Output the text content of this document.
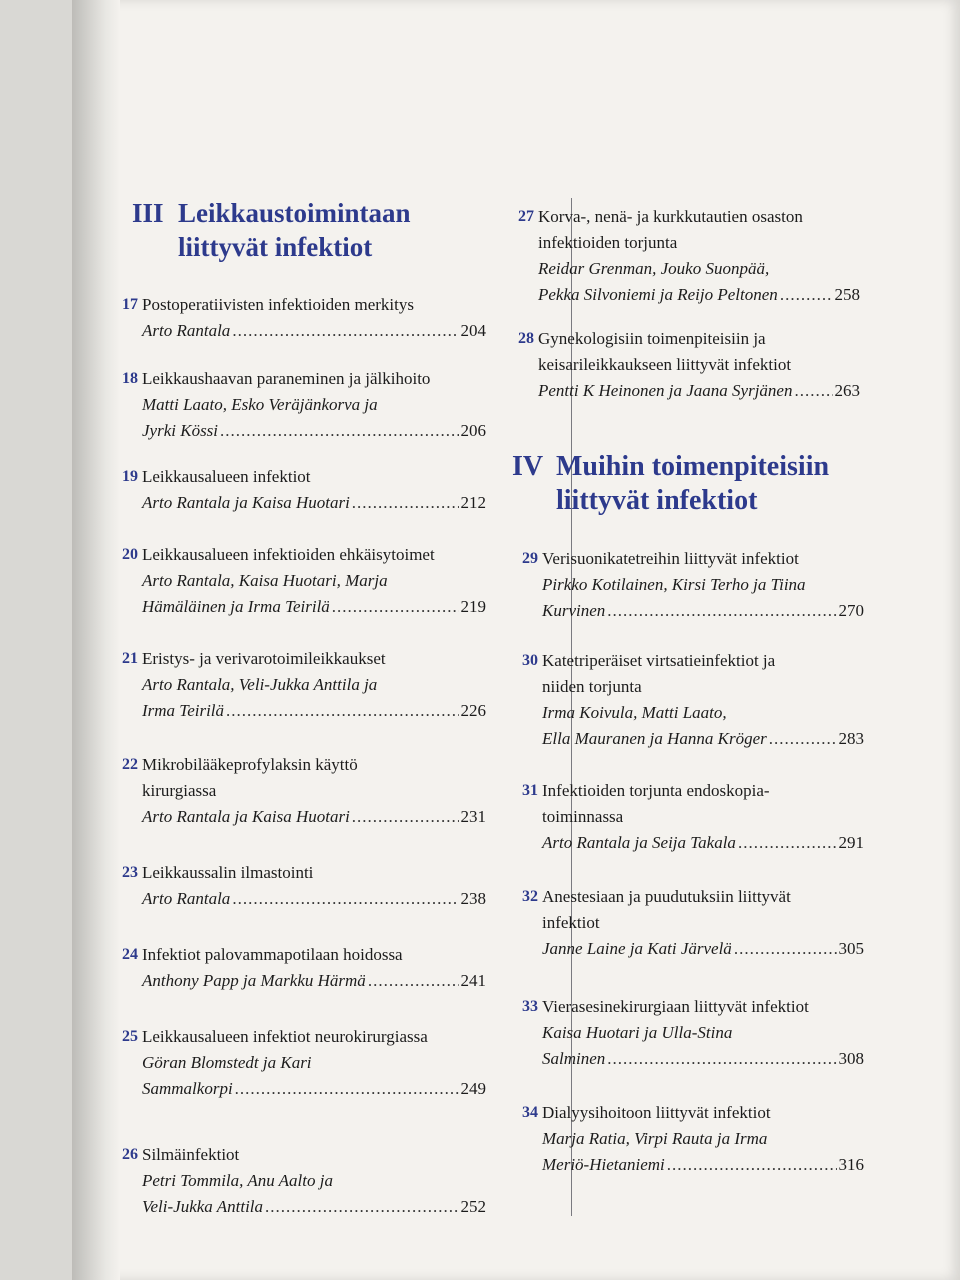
III Leikkaustoimintaan
liittyvät infektiot
IV Muihin toimenpiteisiin
liittyvät infektiot
17 Postoperatiivisten infektioiden merkitys
Arto Rantala .....	204
18 Leikkaushaavan paraneminen ja jälkihoito
Matti Laato, Esko Veräjänkorva ja
Jyrki Kössi .....	206
19 Leikkausalueen infektiot
Arto Rantala ja Kaisa Huotari .....	212
20 Leikkausalueen infektioiden ehkäisytoimet
Arto Rantala, Kaisa Huotari, Marja
Hämäläinen ja Irma Teirilä .....	219
21 Eristys- ja verivarotoimileikkaukset
Arto Rantala, Veli-Jukka Anttila ja
Irma Teirilä .....	226
22 Mikrobilääkeprofylaksin käyttö
kirurgiassa
Arto Rantala ja Kaisa Huotari .....	231
23 Leikkaussalin ilmastointi
Arto Rantala .....	238
24 Infektiot palovammapotilaan hoidossa
Anthony Papp ja Markku Härmä .....	241
25 Leikkausalueen infektiot neurokirurgiassa
Göran Blomstedt ja Kari
Sammalkorpi .....	249
26 Silmäinfektiot
Petri Tommila, Anu Aalto ja
Veli-Jukka Anttila .....	252
27 Korva-, nenä- ja kurkkutautien osaston
infektioiden torjunta
Reidar Grenman, Jouko Suonpää,
Pekka Silvoniemi ja Reijo Peltonen .....	258
28 Gynekologisiin toimenpiteisiin ja
keisarileikkaukseen liittyvät infektiot
Pentti K Heinonen ja Jaana Syrjänen ..... 263
29 Verisuonikatetreihin liittyvät infektiot
Pirkko Kotilainen, Kirsi Terho ja Tiina
Kurvinen .....	270
30 Katetriperäiset virtsatieinfektiot ja
niiden torjunta
Irma Koivula, Matti Laato,
Ella Mauranen ja Hanna Kröger .....	283
31 Infektioiden torjunta endoskopia-
toiminnassa
Arto Rantala ja Seija Takala .....	291
32 Anestesiaan ja puudutuksiin liittyvät
infektiot
Janne Laine ja Kati Järvelä .....	305
33 Vierasesinekirurgiaan liittyvät infektiot
Kaisa Huotari ja Ulla-Stina
Salminen .....	308
34 Dialyysihoitoon liittyvät infektiot
Marja Ratia, Virpi Rauta ja Irma
Meriö-Hietaniemi .....	316
